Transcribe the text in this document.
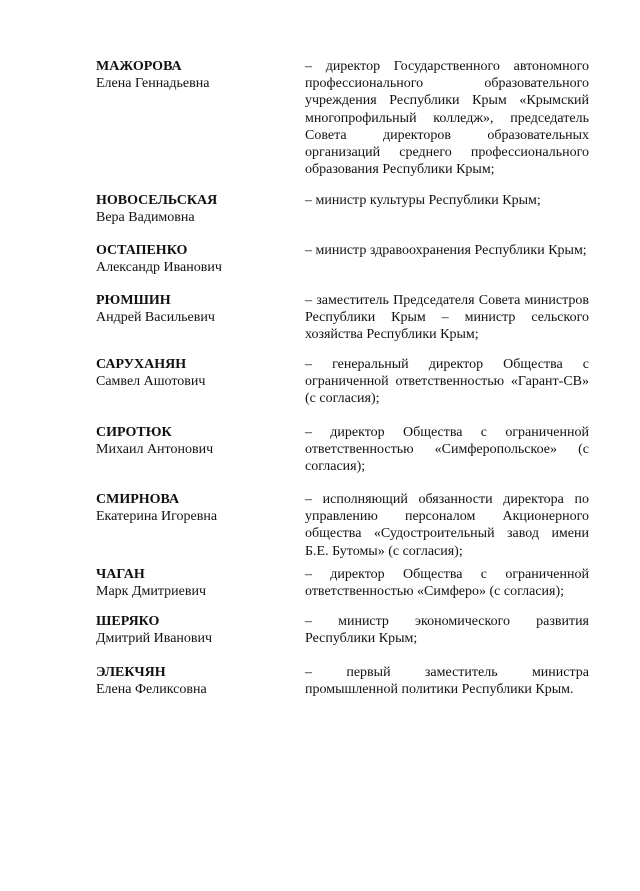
МАЖОРОВА
Елена Геннадьевна
– директор Государственного автономного профессионального образовательного учреждения Республики Крым «Крымский многопрофильный колледж», председатель Совета директоров образовательных организаций среднего профессионального образования Республики Крым;
НОВОСЕЛЬСКАЯ
Вера Вадимовна
– министр культуры Республики Крым;
ОСТАПЕНКО
Александр Иванович
– министр здравоохранения Республики Крым;
РЮМШИН
Андрей Васильевич
– заместитель Председателя Совета министров Республики Крым – министр сельского хозяйства Республики Крым;
САРУХАНЯН
Самвел Ашотович
– генеральный директор Общества с ограниченной ответственностью «Гарант-СВ» (с согласия);
СИРОТЮК
Михаил Антонович
– директор Общества с ограниченной ответственностью «Симферопольское» (с согласия);
СМИРНОВА
Екатерина Игоревна
– исполняющий обязанности директора по управлению персоналом Акционерного общества «Судостроительный завод имени Б.Е. Бутомы» (с согласия);
ЧАГАН
Марк Дмитриевич
– директор Общества с ограниченной ответственностью «Симферо» (с согласия);
ШЕРЯКО
Дмитрий Иванович
– министр экономического развития Республики Крым;
ЭЛЕКЧЯН
Елена Феликсовна
– первый заместитель министра промышленной политики Республики Крым.
